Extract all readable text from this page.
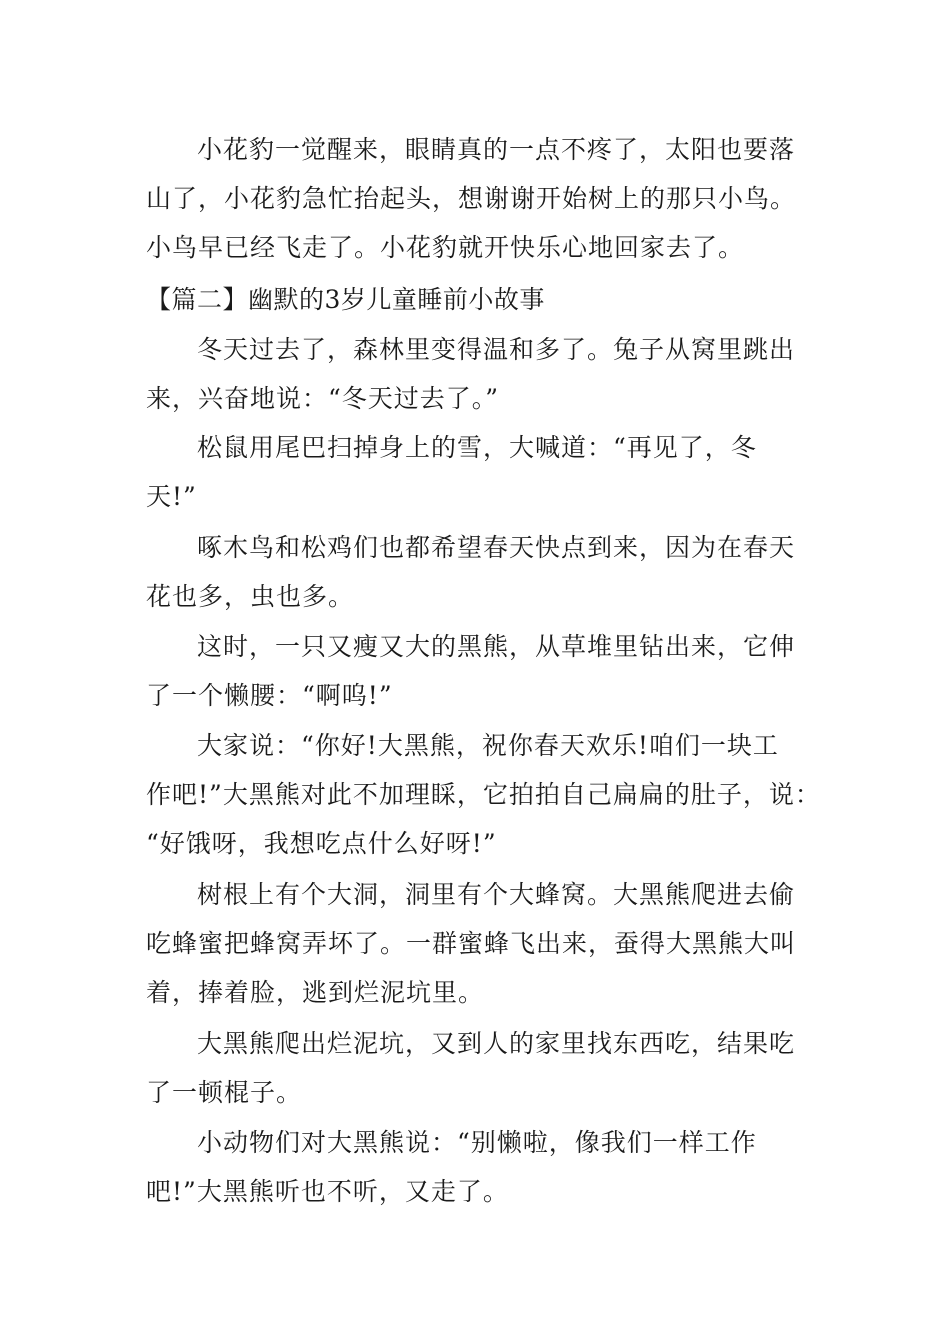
小花豹一觉醒来，眼睛真的一点不疼了，太阳也要落
山了，小花豹急忙抬起头，想谢谢开始树上的那只小鸟。
小鸟早已经飞走了。小花豹就开快乐心地回家去了。
【篇二】幽默的3岁儿童睡前小故事
冬天过去了，森林里变得温和多了。兔子从窝里跳出
来，兴奋地说：“冬天过去了。”
松鼠用尾巴扫掉身上的雪，大喊道：“再见了，冬
天!”
啄木鸟和松鸡们也都希望春天快点到来，因为在春天
花也多，虫也多。
这时，一只又瘦又大的黑熊，从草堆里钻出来，它伸
了一个懒腰：“啊呜!”
大家说：“你好!大黑熊，祝你春天欢乐!咱们一块工
作吧!”大黑熊对此不加理睬，它拍拍自己扁扁的肚子，说：
“好饿呀，我想吃点什么好呀!”
树根上有个大洞，洞里有个大蜂窝。大黑熊爬进去偷
吃蜂蜜把蜂窝弄坏了。一群蜜蜂飞出来，蚕得大黑熊大叫
着，捧着脸，逃到烂泥坑里。
大黑熊爬出烂泥坑，又到人的家里找东西吃，结果吃
了一顿棍子。
小动物们对大黑熊说：“别懒啦，像我们一样工作
吧!”大黑熊听也不听，又走了。
